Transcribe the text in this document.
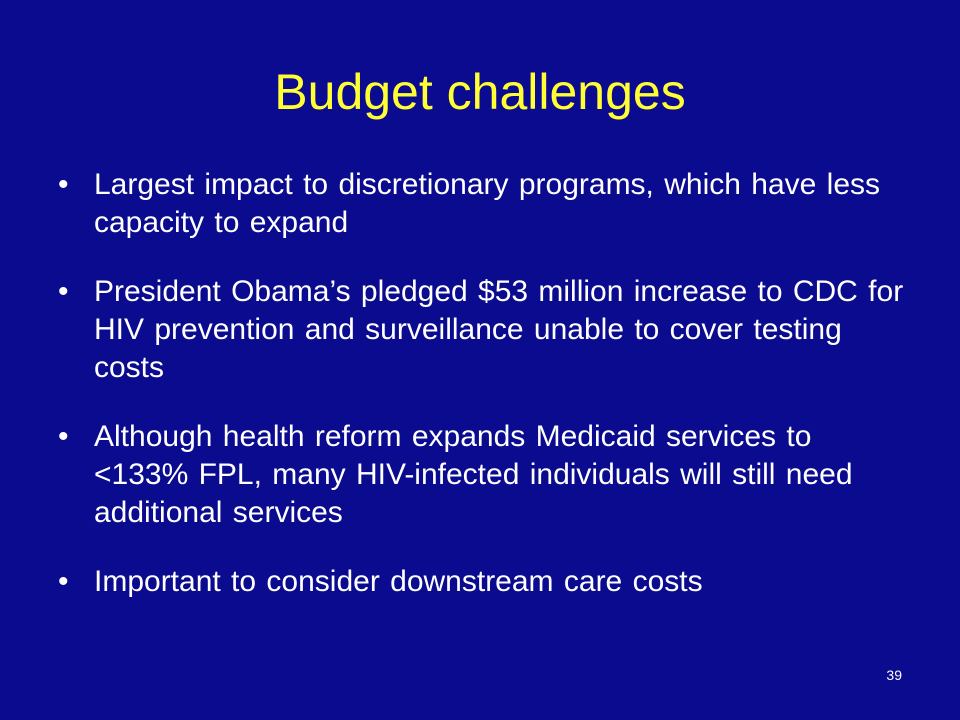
Budget challenges
• Largest impact to discretionary programs, which have less capacity to expand
• President Obama’s pledged $53 million increase to CDC for HIV prevention and surveillance unable to cover testing costs
• Although health reform expands Medicaid services to <133% FPL, many HIV-infected individuals will still need additional services
• Important to consider downstream care costs
39
